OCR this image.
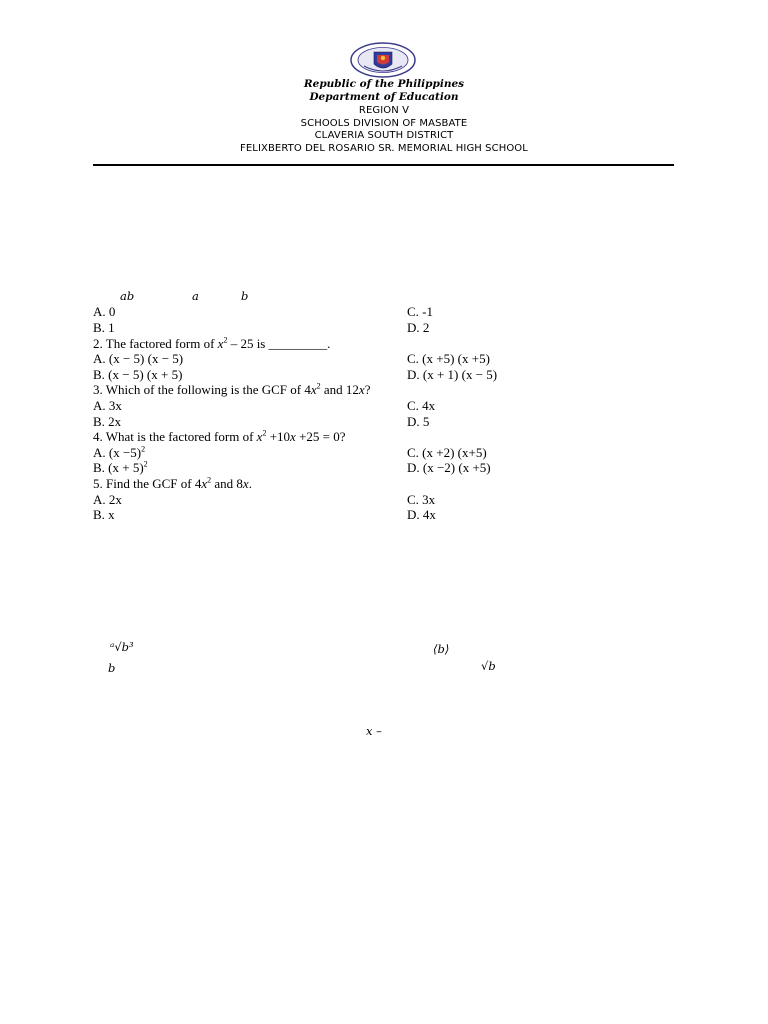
Republic of the Philippines
Department of Education
REGION V
SCHOOLS DIVISION OF MASBATE
CLAVERIA SOUTH DISTRICT
FELIXBERTO DEL ROSARIO SR. MEMORIAL HIGH SCHOOL
ab	a	b
A. 0	C. -1
B. 1	D. 2
2. The factored form of $x^2 - 25$ is _________.
A. (x − 5) (x − 5)	C. (x +5) (x +5)
B. (x − 5) (x + 5)	D. (x + 1) (x − 5)
3. Which of the following is the GCF of $4x^2$ and 12x?
A. 3x	C. 4x
B. 2x	D. 5
4. What is the factored form of $x^2 +10x +25 = 0$?
A. $(x -5)^2$	C. (x +2) (x+5)
B. $(x + 5)^2$	D. (x −2) (x +5)
5. Find the GCF of $4x^2$ and 8x.
A. 2x	C. 3x
B. x	D. 4x
ᵃ√b³
b
⟨b⟩
√b
x –
